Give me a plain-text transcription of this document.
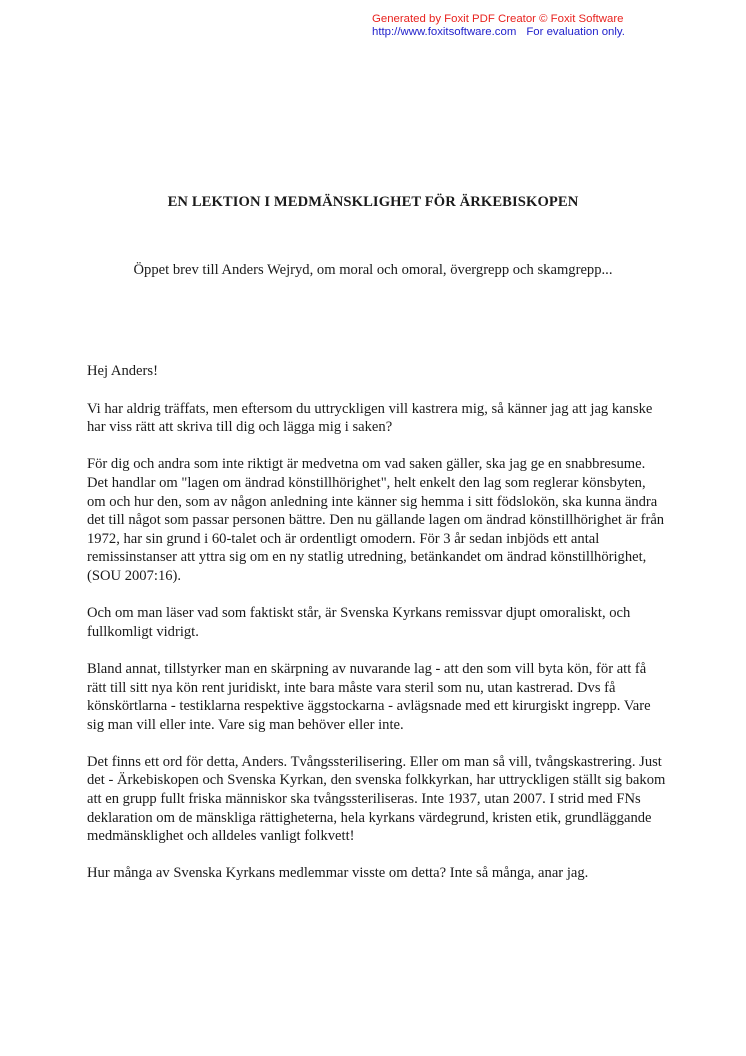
Generated by Foxit PDF Creator © Foxit Software
http://www.foxitsoftware.com For evaluation only.
EN LEKTION I MEDMÄNSKLIGHET FÖR ÄRKEBISKOPEN
Öppet brev till Anders Wejryd, om moral och omoral, övergrepp och skamgrepp...

Hej Anders!

Vi har aldrig träffats, men eftersom du uttryckligen vill kastrera mig, så känner jag att jag kanske har viss rätt att skriva till dig och lägga mig i saken?

För dig och andra som inte riktigt är medvetna om vad saken gäller, ska jag ge en snabbresume. Det handlar om "lagen om ändrad könstillhörighet", helt enkelt den lag som reglerar könsbyten, om och hur den, som av någon anledning inte känner sig hemma i sitt födslokön, ska kunna ändra det till något som passar personen bättre. Den nu gällande lagen om ändrad könstillhörighet är från 1972, har sin grund i 60-talet och är ordentligt omodern. För 3 år sedan inbjöds ett antal remissinstanser att yttra sig om en ny statlig utredning, betänkandet om ändrad könstillhörighet, (SOU 2007:16).

Och om man läser vad som faktiskt står, är Svenska Kyrkans remissvar djupt omoraliskt, och fullkomligt vidrigt.

Bland annat, tillstyrker man en skärpning av nuvarande lag - att den som vill byta kön, för att få rätt till sitt nya kön rent juridiskt, inte bara måste vara steril som nu, utan kastrerad. Dvs få könskörtlarna - testiklarna respektive äggstockarna - avlägsnade med ett kirurgiskt ingrepp. Vare sig man vill eller inte. Vare sig man behöver eller inte.

Det finns ett ord för detta, Anders. Tvångssterilisering. Eller om man så vill, tvångskastrering. Just det - Ärkebiskopen och Svenska Kyrkan, den svenska folkkyrkan, har uttryckligen ställt sig bakom att en grupp fullt friska människor ska tvångssteriliseras. Inte 1937, utan 2007. I strid med FNs deklaration om de mänskliga rättigheterna, hela kyrkans värdegrund, kristen etik, grundläggande medmänsklighet och alldeles vanligt folkvett!

Hur många av Svenska Kyrkans medlemmar visste om detta? Inte så många, anar jag.
